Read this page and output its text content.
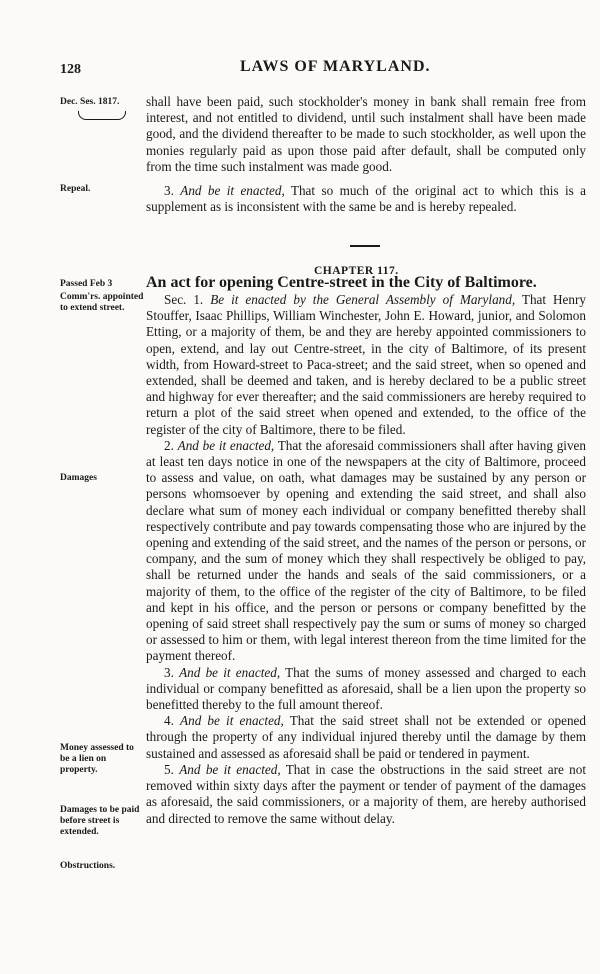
128	LAWS OF MARYLAND.
Dec. Ses. 1817.
Repeal.
Passed Feb 3
Comm'rs. appointed to extend street.
Damages
Money assessed to be a lien on property.
Damages to be paid before street is extended.
Obstructions.

shall have been paid, such stockholder's money in bank shall remain free from interest, and not entitled to dividend, until such instalment shall have been made good, and the dividend thereafter to be made to such stockholder, as well upon the monies regularly paid as upon those paid after default, shall be computed only from the time such instalment was made good.

3. And be it enacted, That so much of the original act to which this is a supplement as is inconsistent with the same be and is hereby repealed.

CHAPTER 117.
An act for opening Centre-street in the City of Baltimore.

Sec. 1. Be it enacted by the General Assembly of Maryland, That Henry Stouffer, Isaac Phillips, William Winchester, John E. Howard, junior, and Solomon Etting, or a majority of them, be and they are hereby appointed commissioners to open, extend, and lay out Centre-street, in the city of Baltimore, of its present width, from Howard-street to Paca-street; and the said street, when so opened and extended, shall be deemed and taken, and is hereby declared to be a public street and highway for ever thereafter; and the said commissioners are hereby required to return a plot of the said street when opened and extended, to the office of the register of the city of Baltimore, there to be filed.

2. And be it enacted, That the aforesaid commissioners shall after having given at least ten days notice in one of the newspapers at the city of Baltimore, proceed to assess and value, on oath, what damages may be sustained by any person or persons whomsoever by opening and extending the said street, and shall also declare what sum of money each individual or company benefitted thereby shall respectively contribute and pay towards compensating those who are injured by the opening and extending of the said street, and the names of the person or persons, or company, and the sum of money which they shall respectively be obliged to pay, shall be returned under the hands and seals of the said commissioners, or a majority of them, to the office of the register of the city of Baltimore, to be filed and kept in his office, and the person or persons or company benefitted by the opening of said street shall respectively pay the sum or sums of money so charged or assessed to him or them, with legal interest thereon from the time limited for the payment thereof.

3. And be it enacted, That the sums of money assessed and charged to each individual or company benefitted as aforesaid, shall be a lien upon the property so benefitted thereby to the full amount thereof.

4. And be it enacted, That the said street shall not be extended or opened through the property of any individual injured thereby until the damage by them sustained and assessed as aforesaid shall be paid or tendered in payment.

5. And be it enacted, That in case the obstructions in the said street are not removed within sixty days after the payment or tender of payment of the damages as aforesaid, the said commissioners, or a majority of them, are hereby authorised and directed to remove the same without delay.
